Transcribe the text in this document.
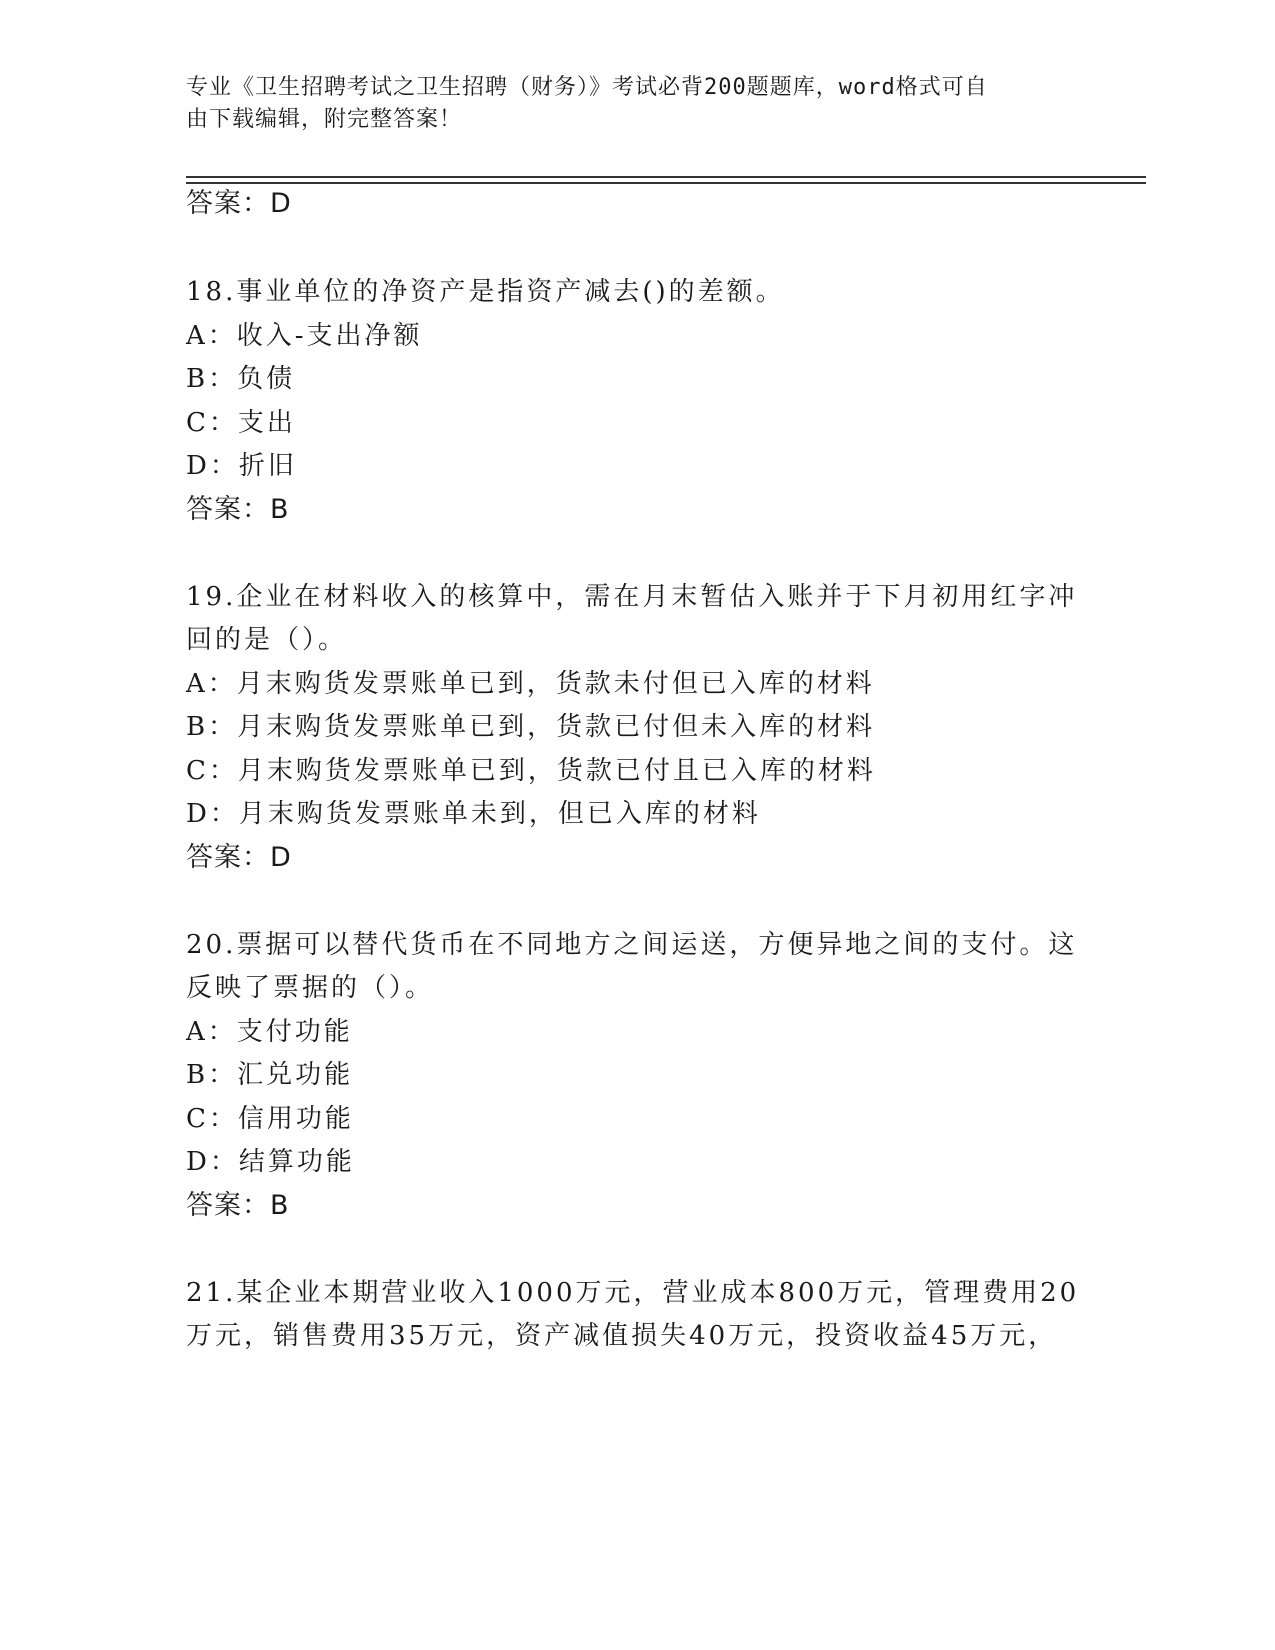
专业《卫生招聘考试之卫生招聘（财务）》考试必背200题题库，word格式可自
由下载编辑，附完整答案！
答案：D
18.事业单位的净资产是指资产减去()的差额。
A：收入-支出净额
B：负债
C：支出
D：折旧
答案：B
19.企业在材料收入的核算中，需在月末暂估入账并于下月初用红字冲
回的是（）。
A：月末购货发票账单已到，货款未付但已入库的材料
B：月末购货发票账单已到，货款已付但未入库的材料
C：月末购货发票账单已到，货款已付且已入库的材料
D：月末购货发票账单未到，但已入库的材料
答案：D
20.票据可以替代货币在不同地方之间运送，方便异地之间的支付。这
反映了票据的（）。
A：支付功能
B：汇兑功能
C：信用功能
D：结算功能
答案：B
21.某企业本期营业收入1000万元，营业成本800万元，管理费用20
万元，销售费用35万元，资产减值损失40万元，投资收益45万元，
